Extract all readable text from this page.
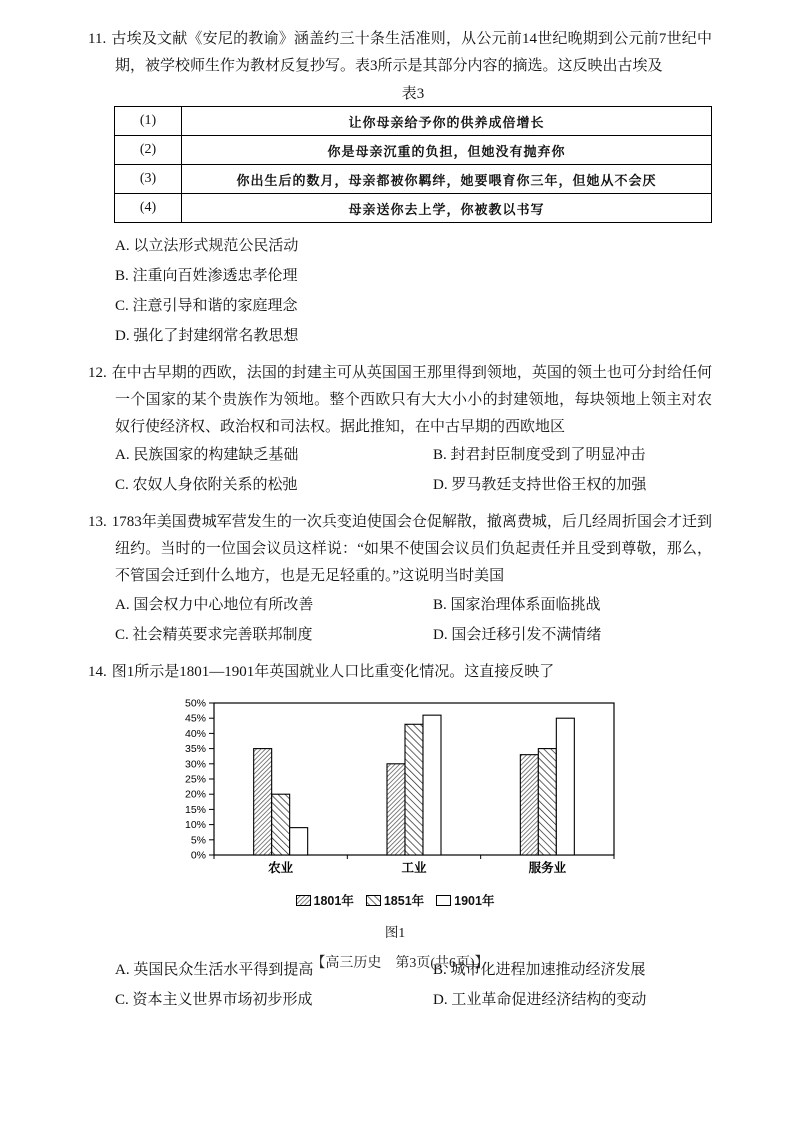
11. 古埃及文献《安尼的教谕》涵盖约三十条生活准则，从公元前14世纪晚期到公元前7世纪中期，被学校师生作为教材反复抄写。表3所示是其部分内容的摘选。这反映出古埃及

表3
(1)	让你母亲给予你的供养成倍增长
(2)	你是母亲沉重的负担，但她没有抛弃你
(3)	你出生后的数月，母亲都被你羁绊，她要喂育你三年，但她从不会厌
(4)	母亲送你去上学，你被教以书写
A. 以立法形式规范公民活动
B. 注重向百姓渗透忠孝伦理
C. 注意引导和谐的家庭理念
D. 强化了封建纲常名教思想

12. 在中古早期的西欧，法国的封建主可从英国国王那里得到领地，英国的领土也可分封给任何一个国家的某个贵族作为领地。整个西欧只有大大小小的封建领地，每块领地上领主对农奴行使经济权、政治权和司法权。据此推知，在中古早期的西欧地区

A. 民族国家的构建缺乏基础	B. 封君封臣制度受到了明显冲击
C. 农奴人身依附关系的松弛	D. 罗马教廷支持世俗王权的加强

13. 1783年美国费城军营发生的一次兵变迫使国会仓促解散，撤离费城，后几经周折国会才迁到纽约。当时的一位国会议员这样说：“如果不使国会议员们负起责任并且受到尊敬，那么，不管国会迁到什么地方，也是无足轻重的。”这说明当时美国

A. 国会权力中心地位有所改善	B. 国家治理体系面临挑战
C. 社会精英要求完善联邦制度	D. 国会迁移引发不满情绪

14. 图1所示是1801—1901年英国就业人口比重变化情况。这直接反映了

0%
5%
10%
15%
20%
25%
30%
35%
40%
45%
50%
农业	工业	服务业
1801年 1851年 1901年
图1
A. 英国民众生活水平得到提高	B. 城市化进程加速推动经济发展
C. 资本主义世界市场初步形成	D. 工业革命促进经济结构的变动
【高三历史　第3页(共6页)】
